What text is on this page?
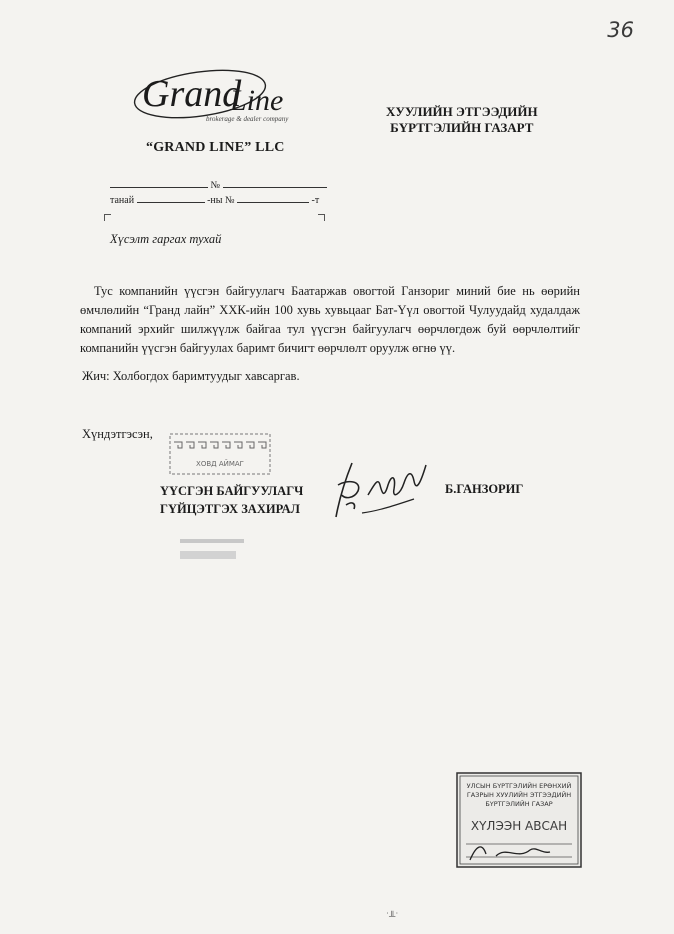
36
Grand
Line
brokerage & dealer company
“GRAND LINE” LLC
ХУУЛИЙН ЭТГЭЭДИЙН
БҮРТГЭЛИЙН ГАЗАРТ
№
танай	-ны №	-т
Хүсэлт гаргах тухай
Тус компанийн үүсгэн байгуулагч Баатаржав овогтой Ганзориг миний бие нь өөрийн өмчлөлийн “Гранд лайн” ХХК-ийн 100 хувь хувьцааг Бат-Үүл овогтой Чулуудайд худалдаж компаний эрхийг шилжүүлж байгаа тул үүсгэн байгуулагч өөрчлөгдөж буй өөрчлөлтийг компанийн үүсгэн байгуулах баримт бичигт өөрчлөлт оруулж өгнө үү.
Жич: Холбогдох баримтуудыг хавсаргав.
Хүндэтгэсэн,
ХОВД АЙМАГ
ҮҮСГЭН БАЙГУУЛАГЧ
ГҮЙЦЭТГЭХ ЗАХИРАЛ
Б.ГАНЗОРИГ
УЛСЫН БҮРТГЭЛИЙН ЕРӨНХИЙ
ГАЗРЫН ХУУЛИЙН ЭТГЭЭДИЙН
БҮРТГЭЛИЙН ГАЗАР
ХҮЛЭЭН АВСАН
˙╨˙
